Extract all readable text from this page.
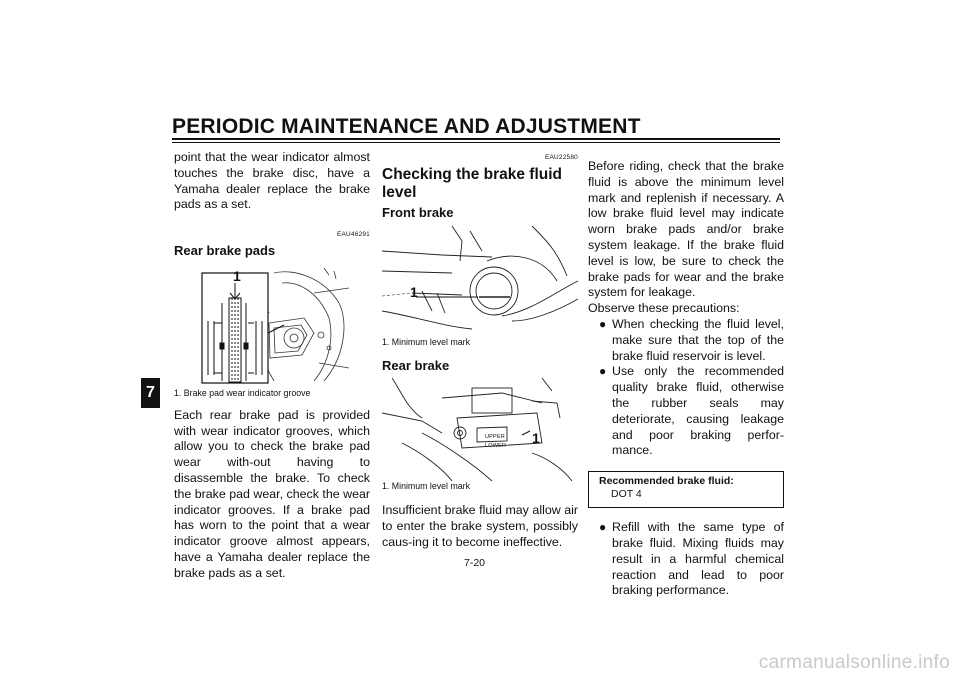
PERIODIC MAINTENANCE AND ADJUSTMENT
7
point that the wear indicator almost touches the brake disc, have a Yamaha dealer replace the brake pads as a set.
EAU46291
Rear brake pads
1
1. Brake pad wear indicator groove
Each rear brake pad is provided with wear indicator grooves, which allow you to check the brake pad wear with-out having to disassemble the brake. To check the brake pad wear, check the wear indicator grooves. If a brake pad has worn to the point that a wear indicator groove almost appears, have a Yamaha dealer replace the brake pads as a set.
EAU22580
Checking the brake fluid level
Front brake
1
1. Minimum level mark
Rear brake
UPPER
LOWER 1
1. Minimum level mark
Insufficient brake fluid may allow air to enter the brake system, possibly caus-ing it to become ineffective.
Before riding, check that the brake fluid is above the minimum level mark and replenish if necessary. A low brake fluid level may indicate worn brake pads and/or brake system leakage. If the brake fluid level is low, be sure to check the brake pads for wear and the brake system for leakage.
Observe these precautions:
● When checking the fluid level, make sure that the top of the brake fluid reservoir is level.
● Use only the recommended quality brake fluid, otherwise the rubber seals may deteriorate, causing leakage and poor braking perfor-mance.
Recommended brake fluid:
DOT 4
● Refill with the same type of brake fluid. Mixing fluids may result in a harmful chemical reaction and lead to poor braking performance.
7-20
carmanualsonline.info
